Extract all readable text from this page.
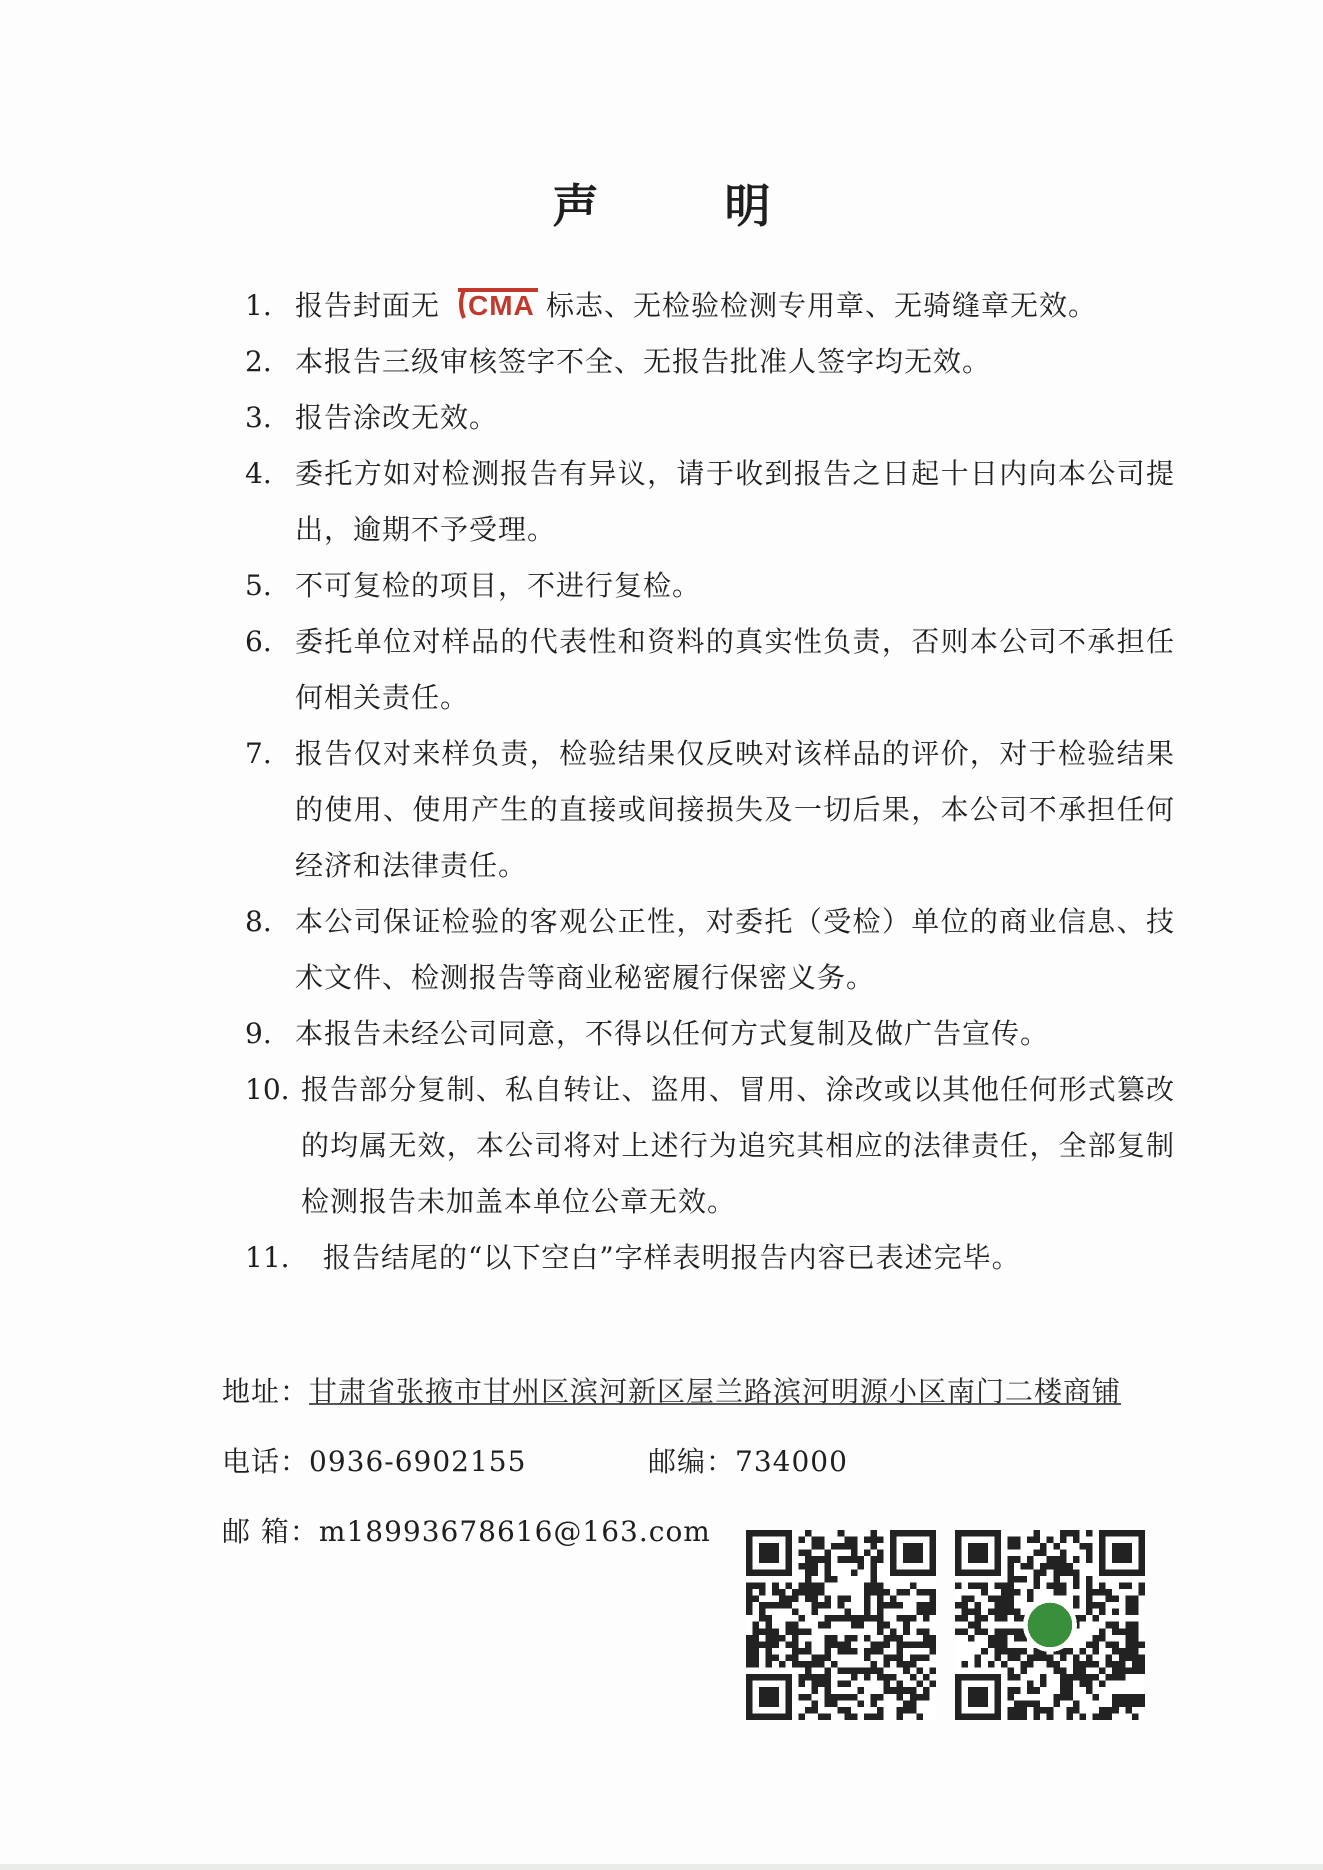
声　明
1. 报告封面无 CMA 标志、无检验检测专用章、无骑缝章无效。
2. 本报告三级审核签字不全、无报告批准人签字均无效。
3. 报告涂改无效。
4. 委托方如对检测报告有异议，请于收到报告之日起十日内向本公司提出，逾期不予受理。
5. 不可复检的项目，不进行复检。
6. 委托单位对样品的代表性和资料的真实性负责，否则本公司不承担任何相关责任。
7. 报告仅对来样负责，检验结果仅反映对该样品的评价，对于检验结果的使用、使用产生的直接或间接损失及一切后果，本公司不承担任何经济和法律责任。
8. 本公司保证检验的客观公正性，对委托（受检）单位的商业信息、技术文件、检测报告等商业秘密履行保密义务。
9. 本报告未经公司同意，不得以任何方式复制及做广告宣传。
10. 报告部分复制、私自转让、盗用、冒用、涂改或以其他任何形式篡改的均属无效，本公司将对上述行为追究其相应的法律责任，全部复制检测报告未加盖本单位公章无效。
11.	报告结尾的“以下空白”字样表明报告内容已表述完毕。
地址：甘肃省张掖市甘州区滨河新区屋兰路滨河明源小区南门二楼商铺
电话：0936-6902155	邮编：734000
邮 箱：m18993678616@163.com
